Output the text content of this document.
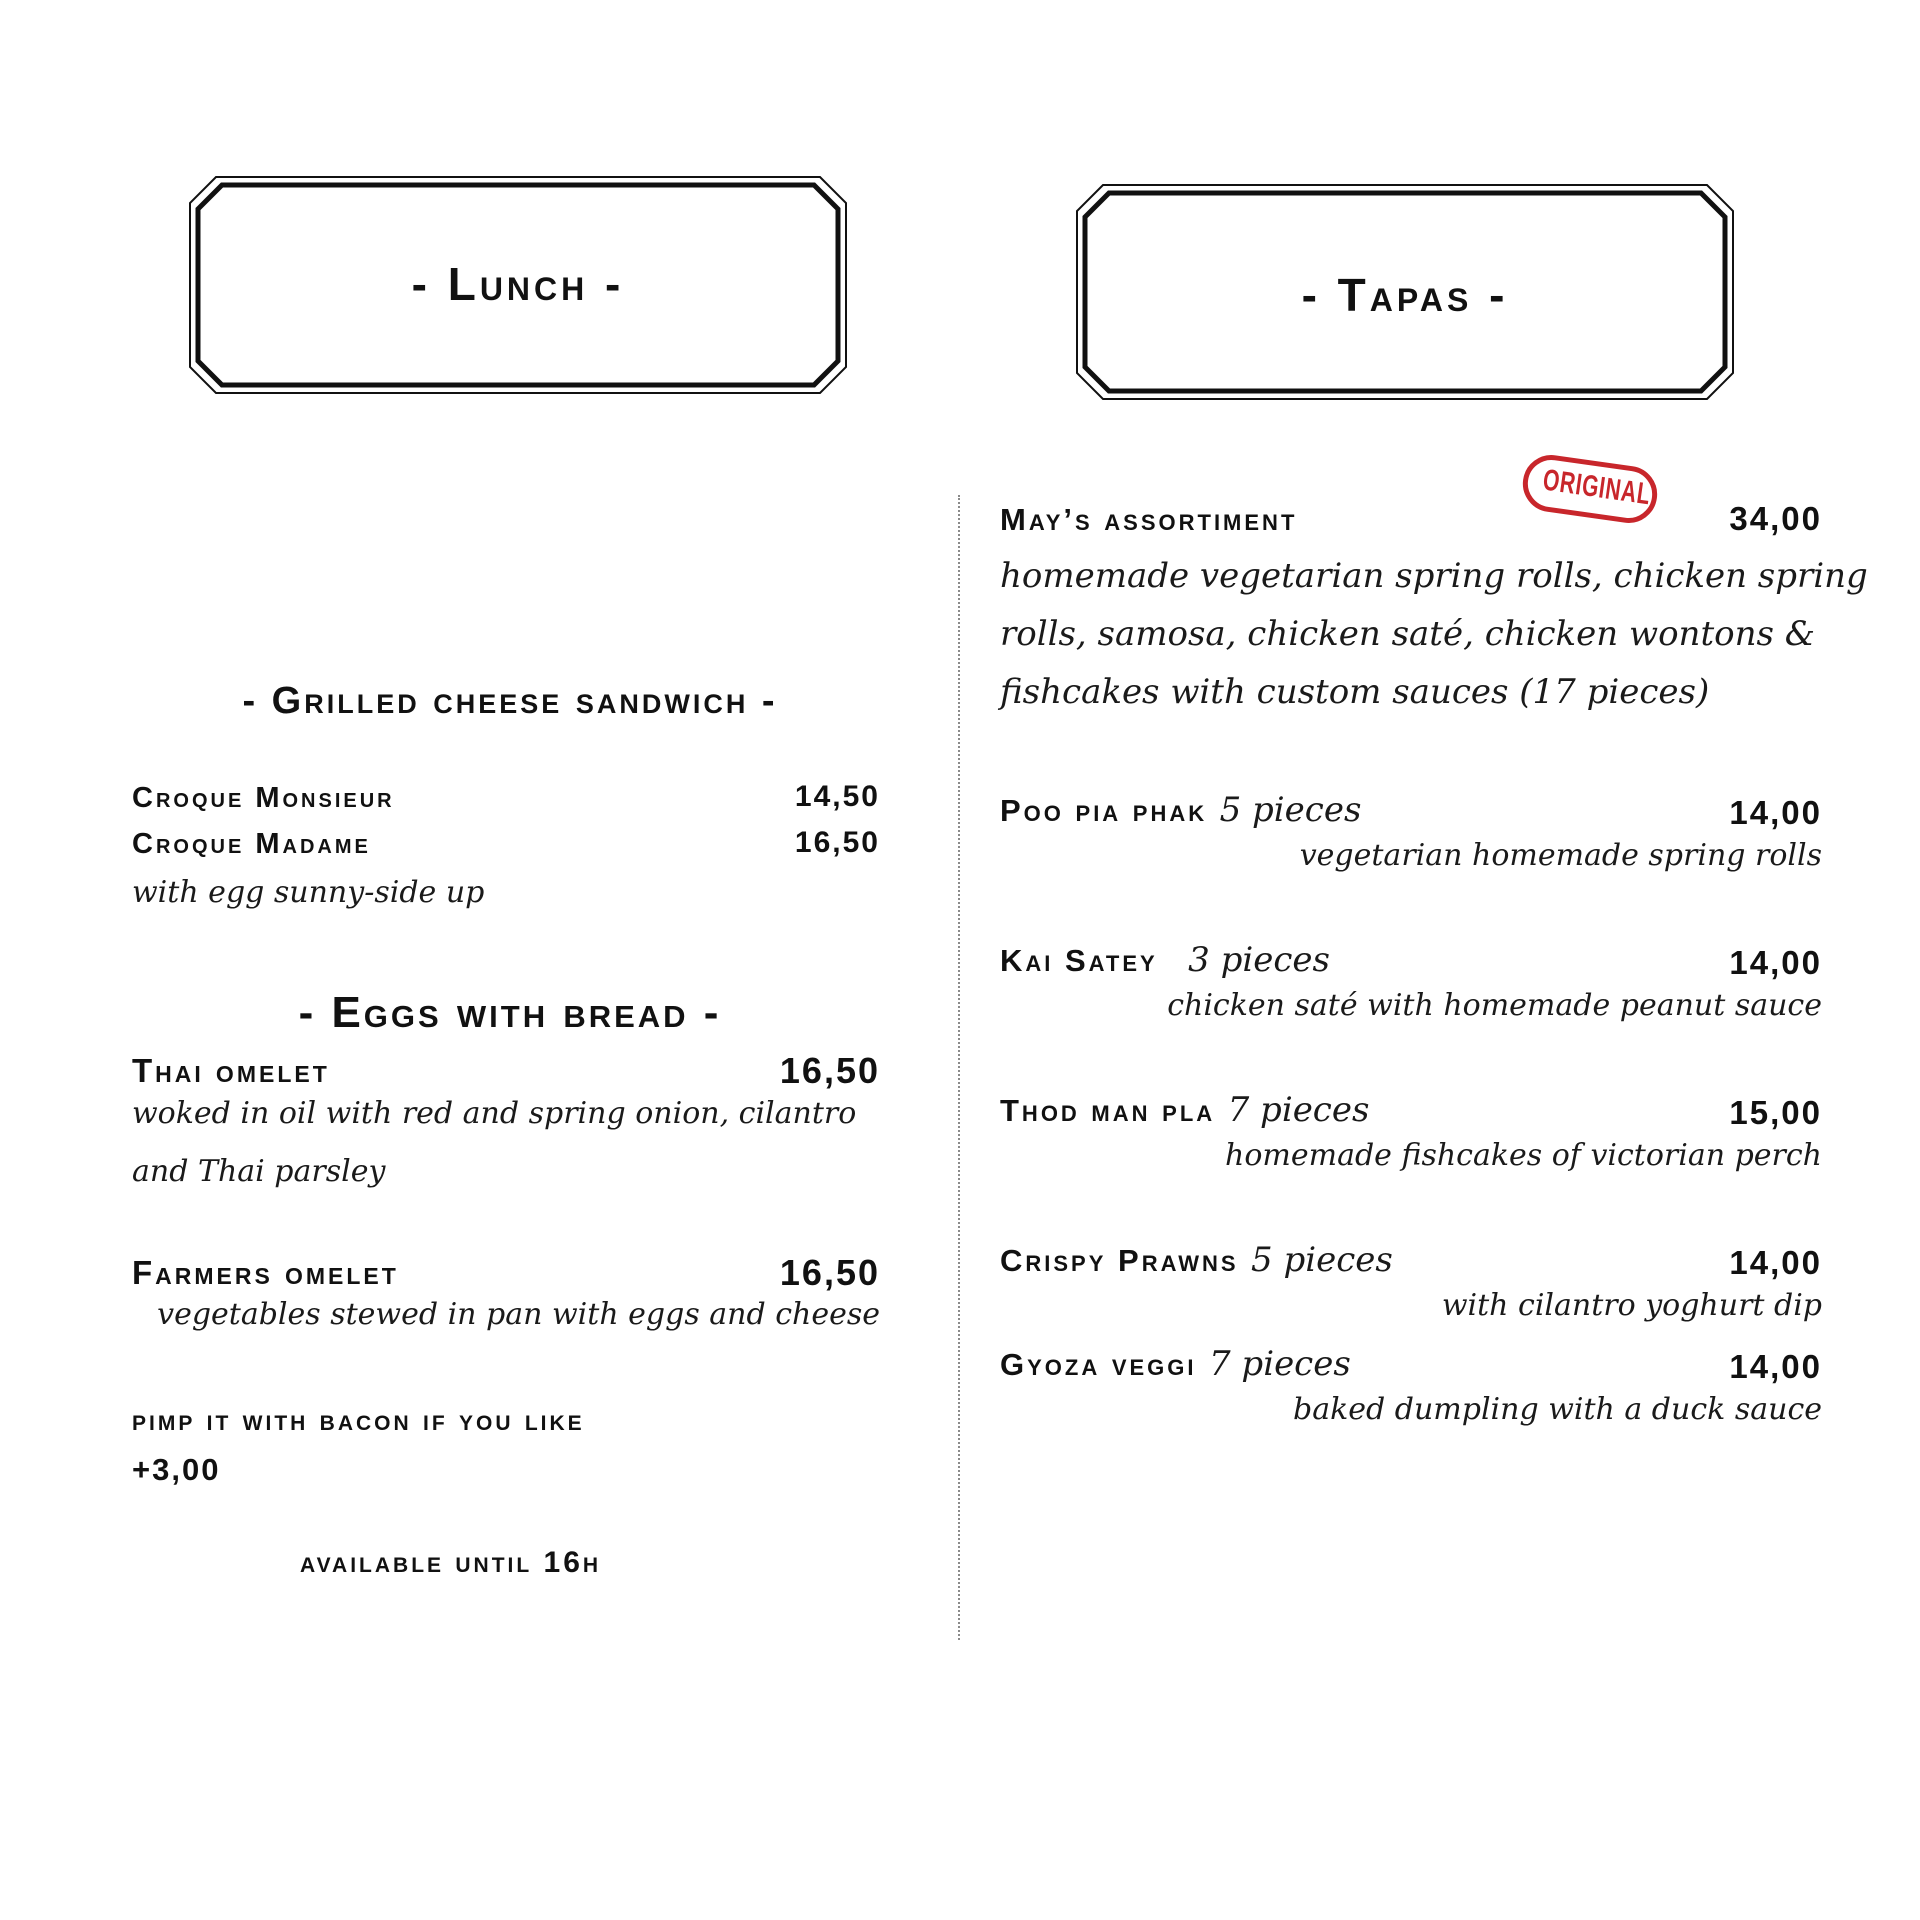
- Lunch -	- Tapas -
- Grilled cheese sandwich -
Croque Monsieur	14,50
Croque Madame	16,50
with egg sunny-side up
- Eggs with bread -
Thai omelet	16,50
woked in oil with red and spring onion, cilantro
and Thai parsley
Farmers omelet	16,50
vegetables stewed in pan with eggs and cheese
pimp it with bacon if you like
+3,00
available until 16h
ORIGINAL
May’s assortiment	34,00
homemade vegetarian spring rolls, chicken spring
rolls, samosa, chicken saté, chicken wontons &
fishcakes with custom sauces (17 pieces)
Poo pia phak 5 pieces	14,00
vegetarian homemade spring rolls
Kai Satey 3 pieces	14,00
chicken saté with homemade peanut sauce
Thod man pla 7 pieces	15,00
homemade fishcakes of victorian perch
Crispy Prawns 5 pieces	14,00
with cilantro yoghurt dip
Gyoza veggi 7 pieces	14,00
baked dumpling with a duck sauce
